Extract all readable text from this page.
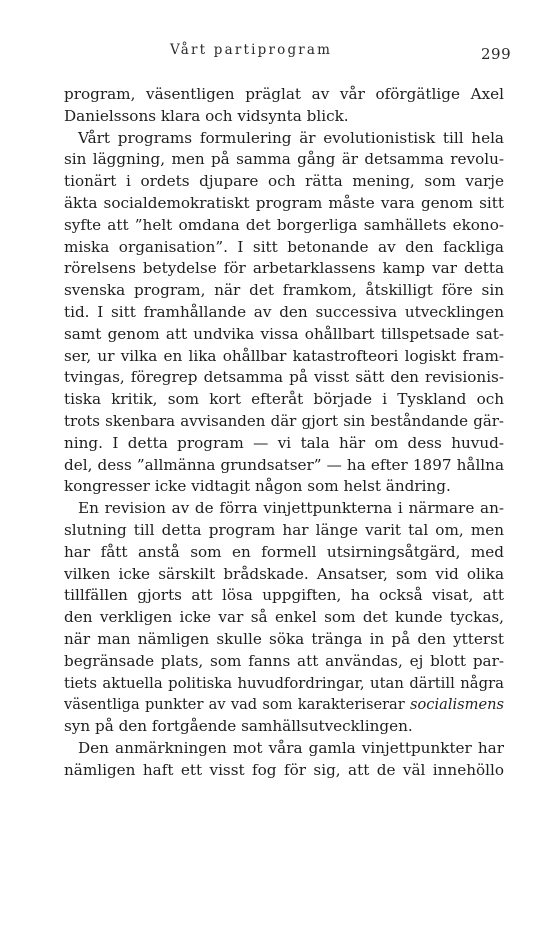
Vårt partiprogram	299
program, väsentligen präglat av vår oförgätlige Axel
Danielssons klara och vidsynta blick.
Vårt programs formulering är evolutionistisk till hela
sin läggning, men på samma gång är detsamma revolu-
tionärt i ordets djupare och rätta mening, som varje
äkta socialdemokratiskt program måste vara genom sitt
syfte att ”helt omdana det borgerliga samhällets ekono-
miska organisation”. I sitt betonande av den fackliga
rörelsens betydelse för arbetarklassens kamp var detta
svenska program, när det framkom, åtskilligt före sin
tid. I sitt framhållande av den successiva utvecklingen
samt genom att undvika vissa ohållbart tillspetsade sat-
ser, ur vilka en lika ohållbar katastrofteori logiskt fram-
tvingas, föregrep detsamma på visst sätt den revisionis-
tiska kritik, som kort efteråt började i Tyskland och
trots skenbara avvisanden där gjort sin beståndande gär-
ning. I detta program — vi tala här om dess huvud-
del, dess ”allmänna grundsatser” — ha efter 1897 hållna
kongresser icke vidtagit någon som helst ändring.
En revision av de förra vinjettpunkterna i närmare an-
slutning till detta program har länge varit tal om, men
har fått anstå som en formell utsirningsåtgärd, med
vilken icke särskilt brådskade. Ansatser, som vid olika
tillfällen gjorts att lösa uppgiften, ha också visat, att
den verkligen icke var så enkel som det kunde tyckas,
när man nämligen skulle söka tränga in på den ytterst
begränsade plats, som fanns att användas, ej blott par-
tiets aktuella politiska huvudfordringar, utan därtill några
väsentliga punkter av vad som karakteriserar socialismens
syn på den fortgående samhällsutvecklingen.
Den anmärkningen mot våra gamla vinjettpunkter har
nämligen haft ett visst fog för sig, att de väl innehöllo
